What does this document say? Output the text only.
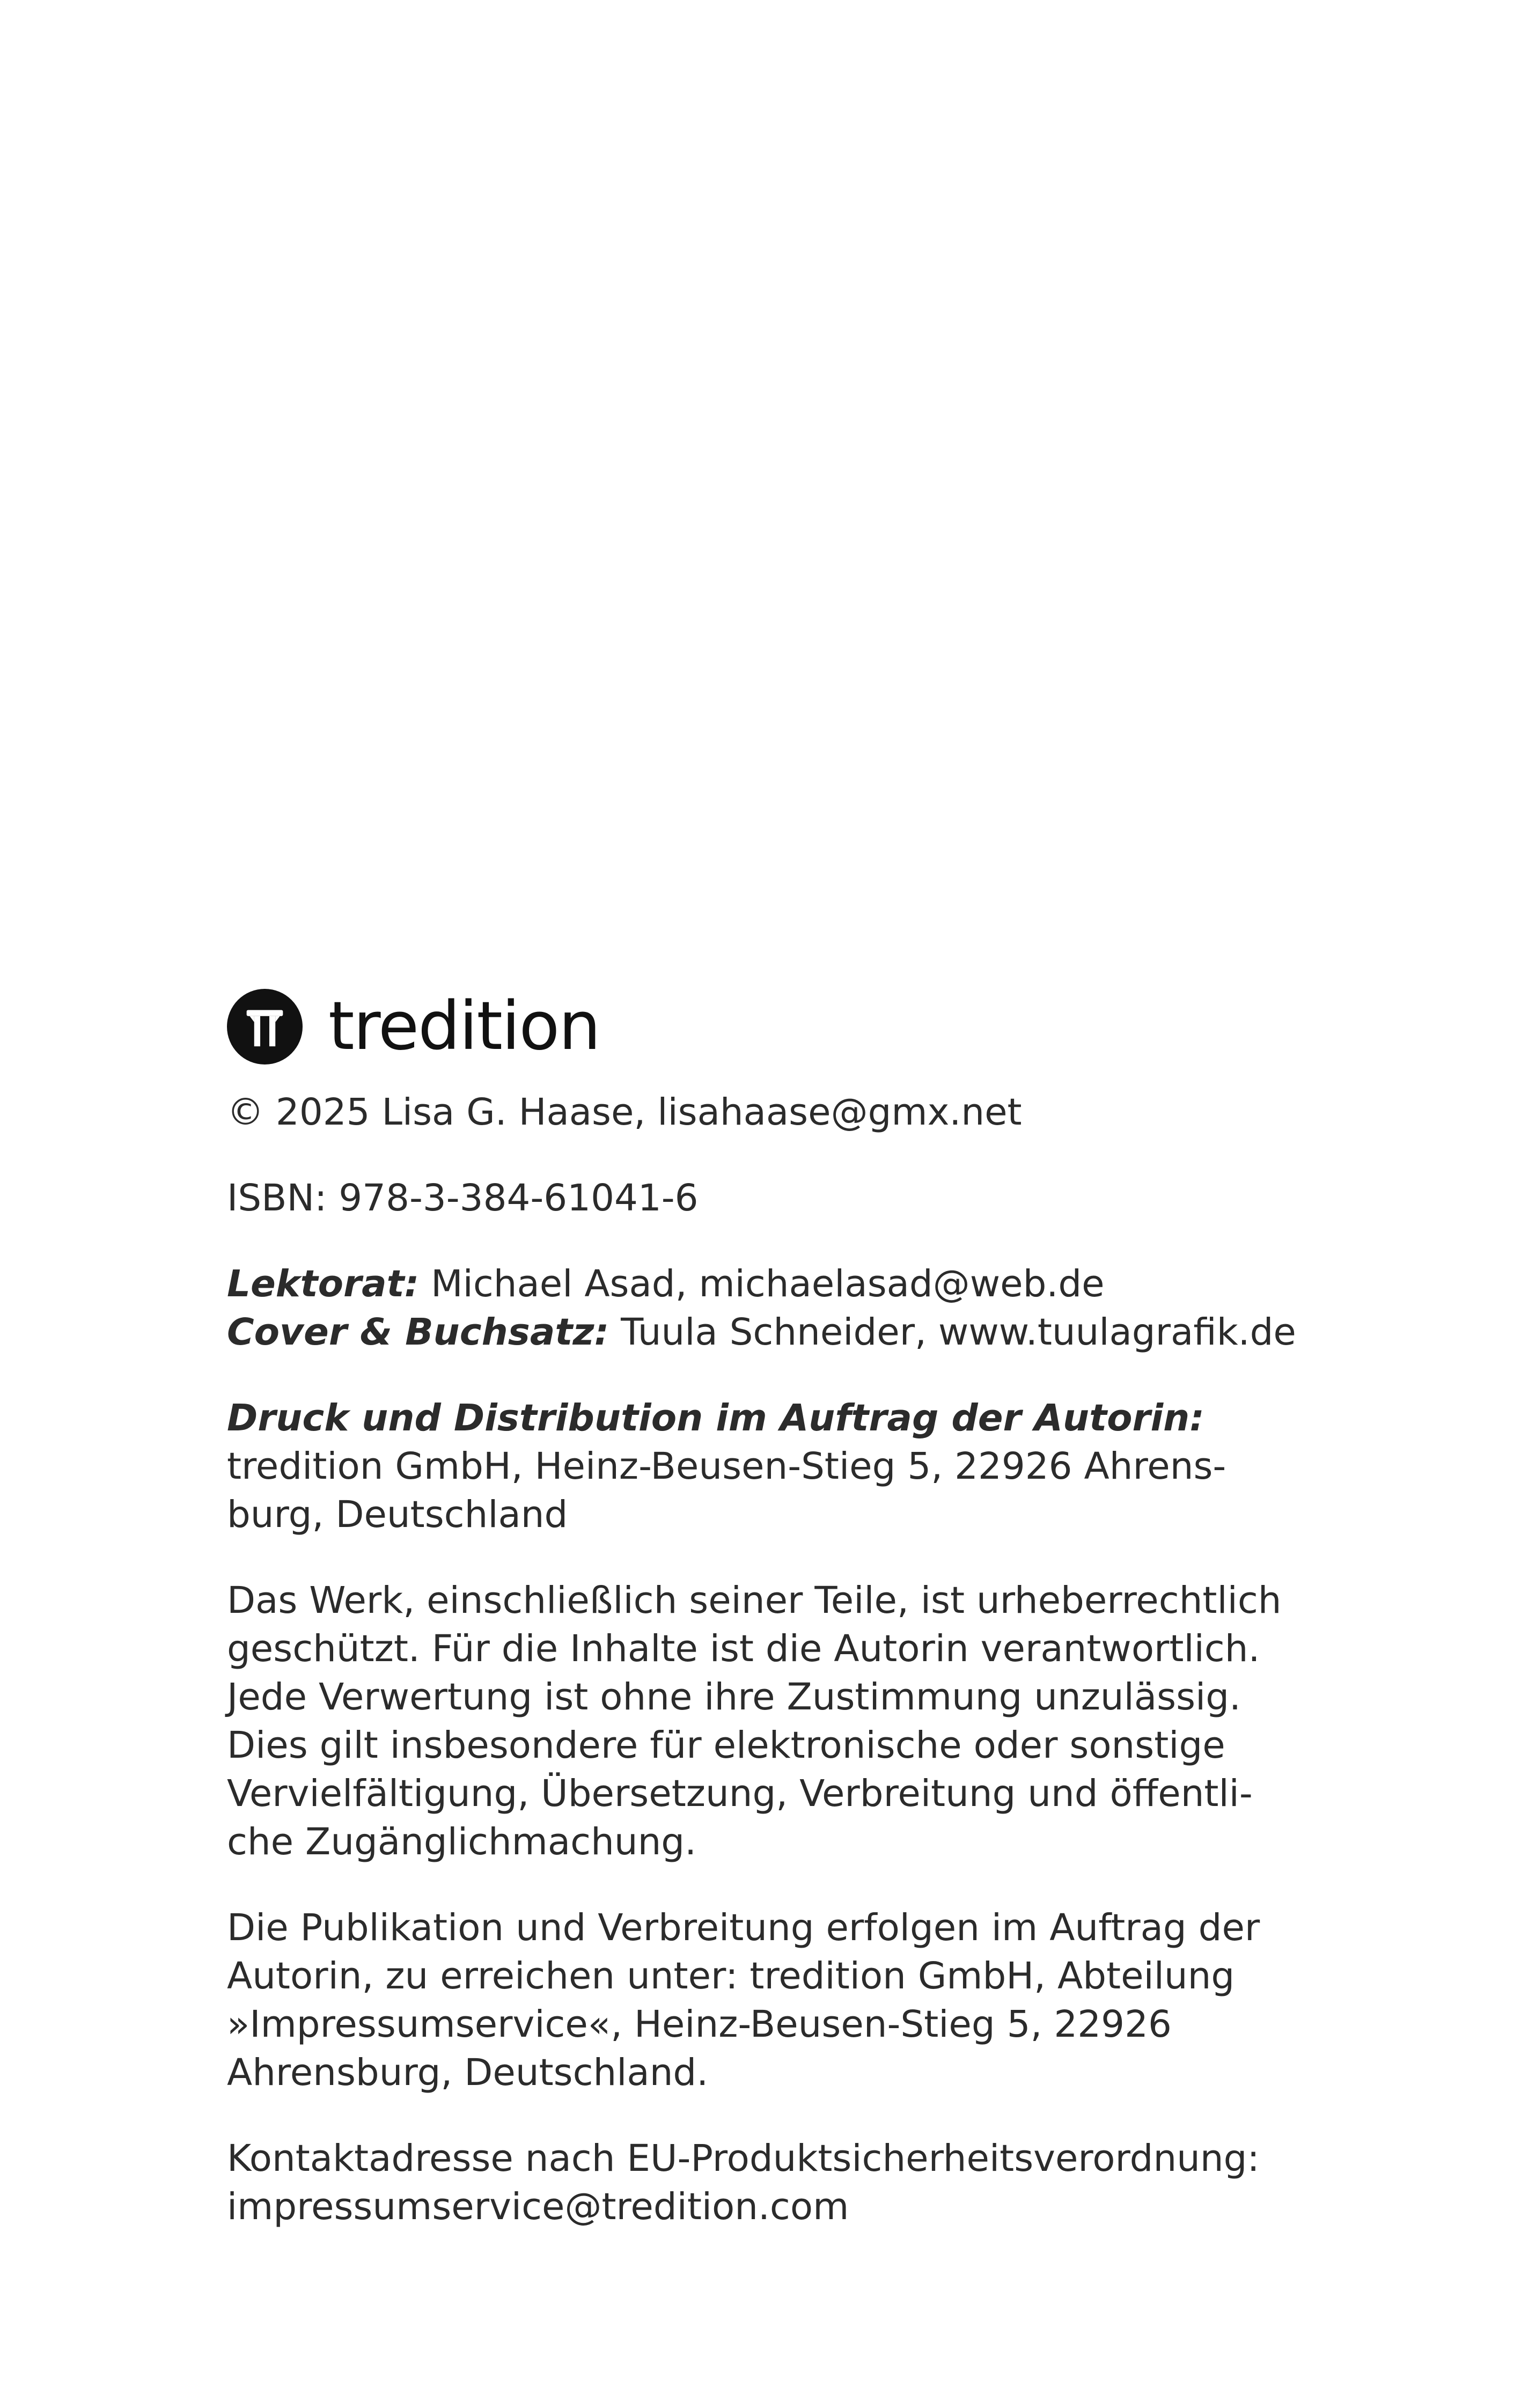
tredition

© 2025 Lisa G. Haase, lisahaase@gmx.net

ISBN: 978-3-384-61041-6

Lektorat: Michael Asad, michaelasad@web.de
Cover & Buchsatz: Tuula Schneider, www.tuulagrafik.de

Druck und Distribution im Auftrag der Autorin:
tredition GmbH, Heinz-Beusen-Stieg 5, 22926 Ahrens-
burg, Deutschland

Das Werk, einschließlich seiner Teile, ist urheberrechtlich
geschützt. Für die Inhalte ist die Autorin verantwortlich.
Jede Verwertung ist ohne ihre Zustimmung unzulässig.
Dies gilt insbesondere für elektronische oder sonstige
Vervielfältigung, Übersetzung, Verbreitung und öffentli-
che Zugänglichmachung.

Die Publikation und Verbreitung erfolgen im Auftrag der
Autorin, zu erreichen unter: tredition GmbH, Abteilung
»Impressumservice«, Heinz-Beusen-Stieg 5, 22926
Ahrensburg, Deutschland.

Kontaktadresse nach EU-Produktsicherheitsverordnung:
impressumservice@tredition.com
